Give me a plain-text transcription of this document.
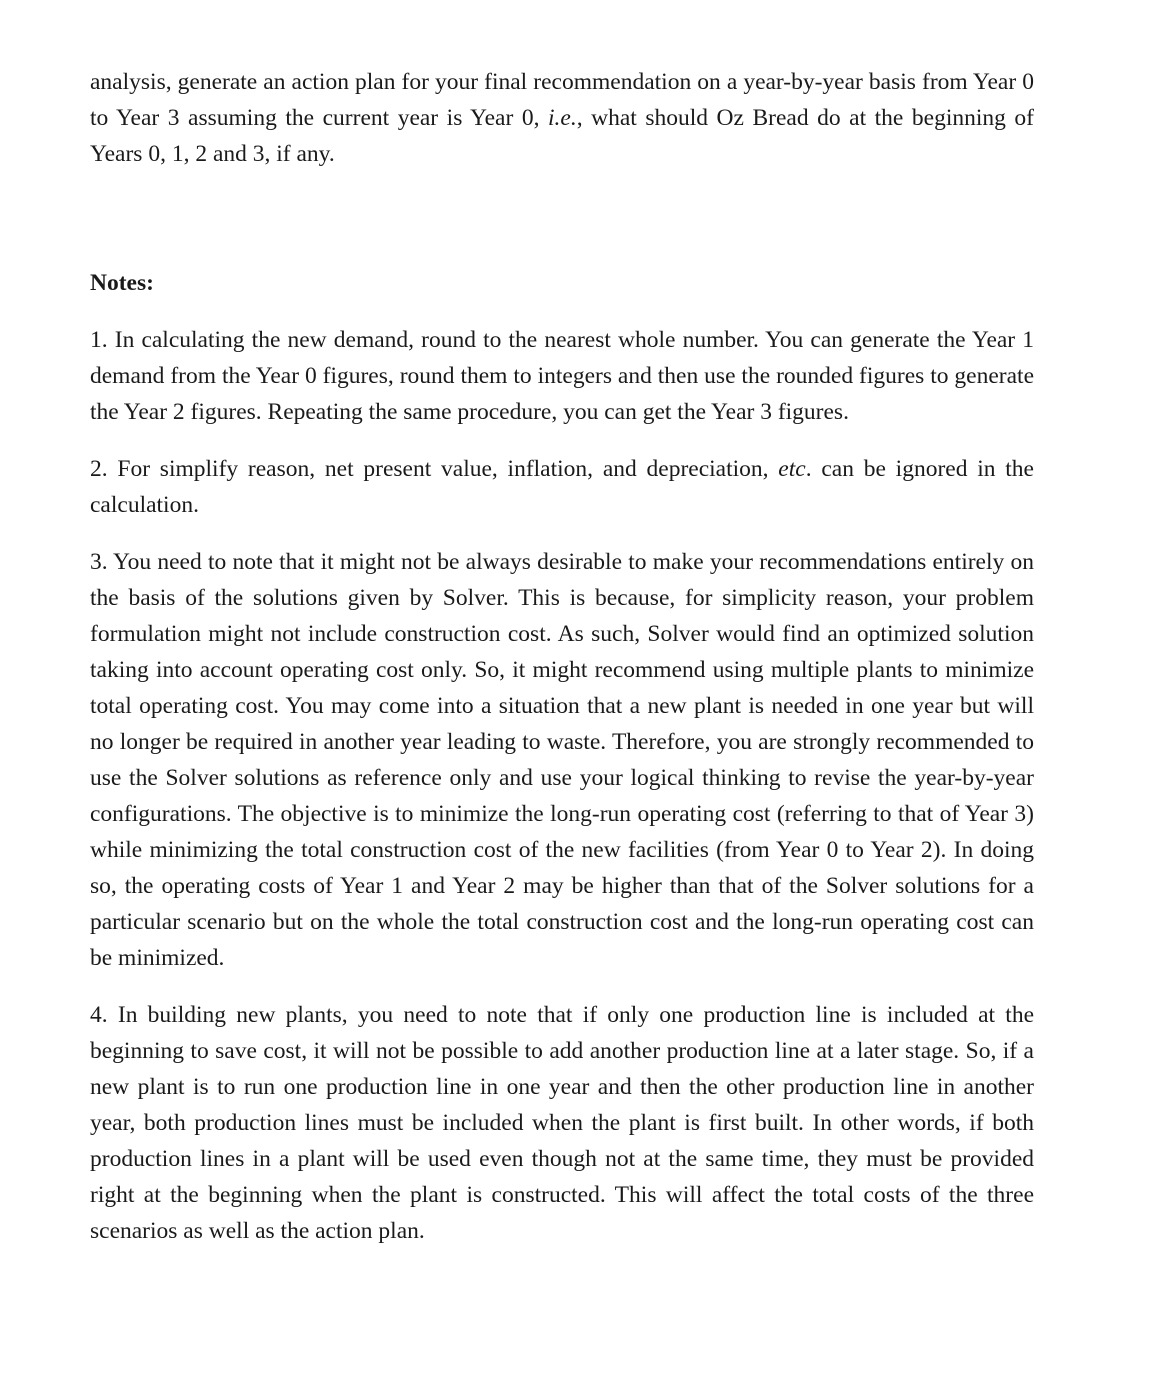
analysis, generate an action plan for your final recommendation on a year-by-year basis from Year 0 to Year 3 assuming the current year is Year 0, i.e., what should Oz Bread do at the beginning of Years 0, 1, 2 and 3, if any.

Notes:

1. In calculating the new demand, round to the nearest whole number. You can generate the Year 1 demand from the Year 0 figures, round them to integers and then use the rounded figures to generate the Year 2 figures. Repeating the same procedure, you can get the Year 3 figures.

2. For simplify reason, net present value, inflation, and depreciation, etc. can be ignored in the calculation.

3. You need to note that it might not be always desirable to make your recommendations entirely on the basis of the solutions given by Solver. This is because, for simplicity reason, your problem formulation might not include construction cost. As such, Solver would find an optimized solution taking into account operating cost only. So, it might recommend using multiple plants to minimize total operating cost. You may come into a situation that a new plant is needed in one year but will no longer be required in another year leading to waste. Therefore, you are strongly recommended to use the Solver solutions as reference only and use your logical thinking to revise the year-by-year configurations. The objective is to minimize the long-run operating cost (referring to that of Year 3) while minimizing the total construction cost of the new facilities (from Year 0 to Year 2). In doing so, the operating costs of Year 1 and Year 2 may be higher than that of the Solver solutions for a particular scenario but on the whole the total construction cost and the long-run operating cost can be minimized.

4. In building new plants, you need to note that if only one production line is included at the beginning to save cost, it will not be possible to add another production line at a later stage. So, if a new plant is to run one production line in one year and then the other production line in another year, both production lines must be included when the plant is first built. In other words, if both production lines in a plant will be used even though not at the same time, they must be provided right at the beginning when the plant is constructed. This will affect the total costs of the three scenarios as well as the action plan.
